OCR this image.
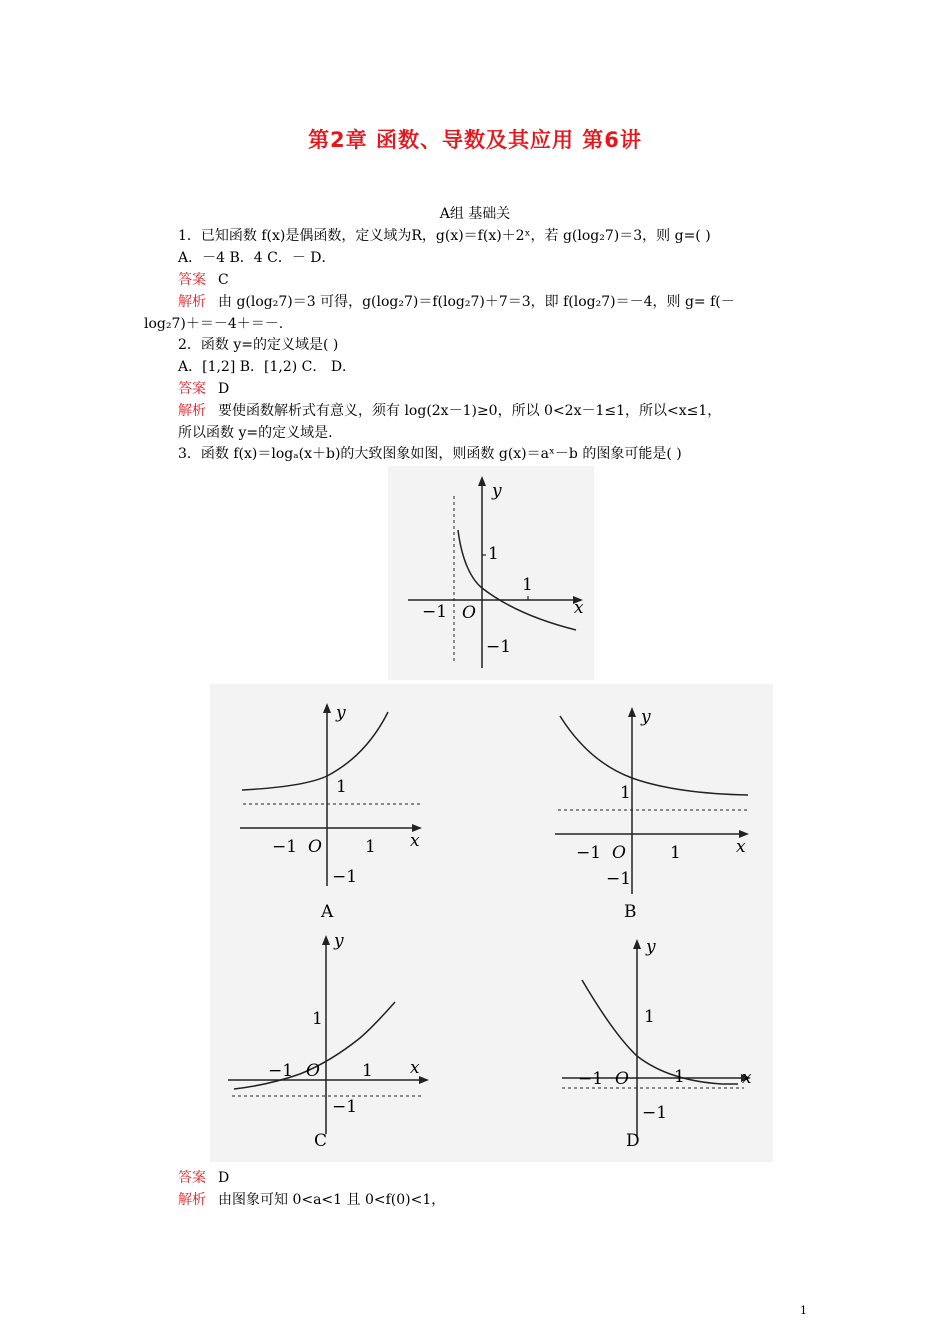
第2章 函数、导数及其应用 第6讲
A组 基础关
1．已知函数 f(x)是偶函数，定义域为R，g(x)＝f(x)＋2ˣ，若 g(log₂7)＝3，则 g=( )
A．－4 B．4 C．－ D．
答案 C
解析 由 g(log₂7)＝3 可得，g(log₂7)＝f(log₂7)＋7＝3，即 f(log₂7)＝－4，则 g= f(－
log₂7)＋＝－4＋＝－.
2．函数 y=的定义域是( )
A．[1,2] B．[1,2) C． D．
答案 D
解析 要使函数解析式有意义，须有 log(2x－1)≥0，所以 0<2x－1≤1，所以<x≤1，
所以函数 y=的定义域是.
3．函数 f(x)＝logₐ(x＋b)的大致图象如图，则函数 g(x)＝aˣ－b 的图象可能是( )
y
x
1
1
−1 O
−1
y
x
1
1
−1 O
−1
A
y
x
1
1
−1 O
−1
B
y
x
1
1
−1 O
−1
C
y
x
1
1
−1 O
−1
D
答案 D
解析 由图象可知 0<a<1 且 0<f(0)<1，
1
